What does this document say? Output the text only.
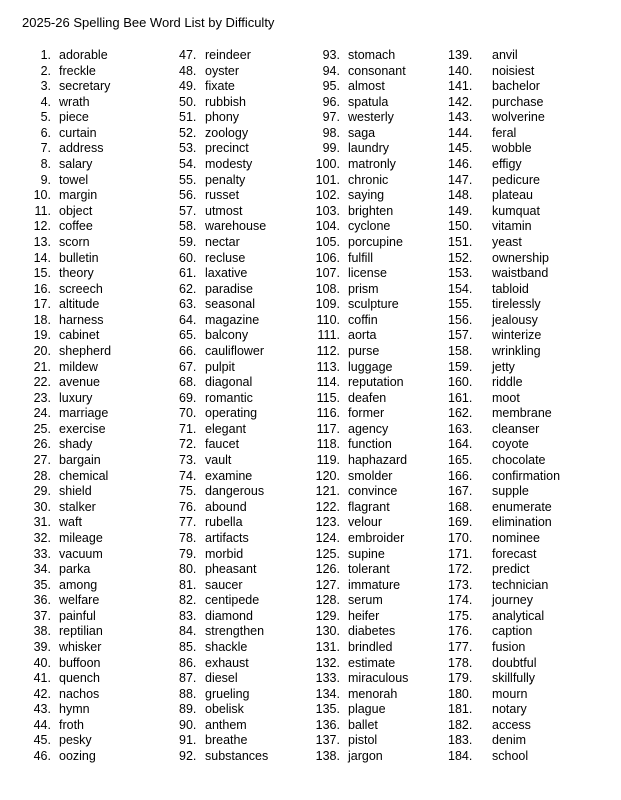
2025-26 Spelling Bee Word List by Difficulty
1. adorable
2. freckle
3. secretary
4. wrath
5. piece
6. curtain
7. address
8. salary
9. towel
10. margin
11. object
12. coffee
13. scorn
14. bulletin
15. theory
16. screech
17. altitude
18. harness
19. cabinet
20. shepherd
21. mildew
22. avenue
23. luxury
24. marriage
25. exercise
26. shady
27. bargain
28. chemical
29. shield
30. stalker
31. waft
32. mileage
33. vacuum
34. parka
35. among
36. welfare
37. painful
38. reptilian
39. whisker
40. buffoon
41. quench
42. nachos
43. hymn
44. froth
45. pesky
46. oozing
47. reindeer
48. oyster
49. fixate
50. rubbish
51. phony
52. zoology
53. precinct
54. modesty
55. penalty
56. russet
57. utmost
58. warehouse
59. nectar
60. recluse
61. laxative
62. paradise
63. seasonal
64. magazine
65. balcony
66. cauliflower
67. pulpit
68. diagonal
69. romantic
70. operating
71. elegant
72. faucet
73. vault
74. examine
75. dangerous
76. abound
77. rubella
78. artifacts
79. morbid
80. pheasant
81. saucer
82. centipede
83. diamond
84. strengthen
85. shackle
86. exhaust
87. diesel
88. grueling
89. obelisk
90. anthem
91. breathe
92. substances
93. stomach
94. consonant
95. almost
96. spatula
97. westerly
98. saga
99. laundry
100. matronly
101. chronic
102. saying
103. brighten
104. cyclone
105. porcupine
106. fulfill
107. license
108. prism
109. sculpture
110. coffin
111. aorta
112. purse
113. luggage
114. reputation
115. deafen
116. former
117. agency
118. function
119. haphazard
120. smolder
121. convince
122. flagrant
123. velour
124. embroider
125. supine
126. tolerant
127. immature
128. serum
129. heifer
130. diabetes
131. brindled
132. estimate
133. miraculous
134. menorah
135. plague
136. ballet
137. pistol
138. jargon
139. anvil
140. noisiest
141. bachelor
142. purchase
143. wolverine
144. feral
145. wobble
146. effigy
147. pedicure
148. plateau
149. kumquat
150. vitamin
151. yeast
152. ownership
153. waistband
154. tabloid
155. tirelessly
156. jealousy
157. winterize
158. wrinkling
159. jetty
160. riddle
161. moot
162. membrane
163. cleanser
164. coyote
165. chocolate
166. confirmation
167. supple
168. enumerate
169. elimination
170. nominee
171. forecast
172. predict
173. technician
174. journey
175. analytical
176. caption
177. fusion
178. doubtful
179. skillfully
180. mourn
181. notary
182. access
183. denim
184. school
